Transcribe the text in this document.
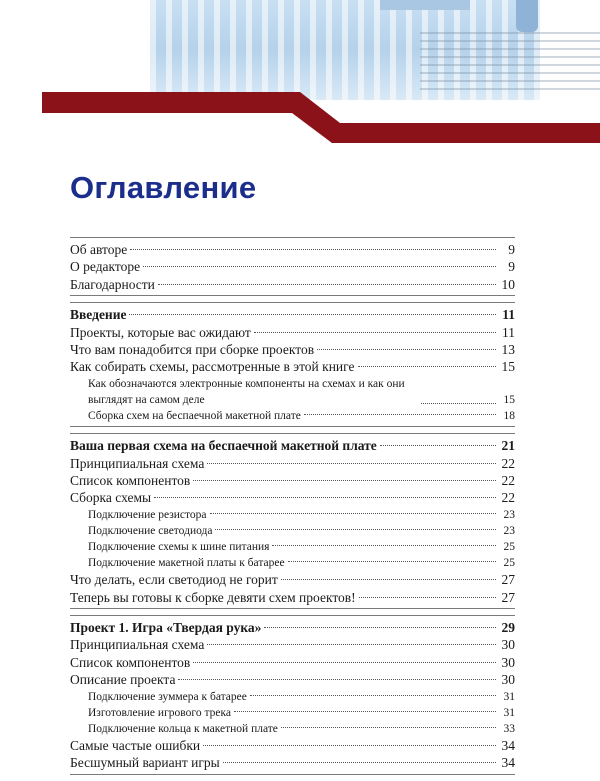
Оглавление
Об авторе	9
О редакторе	9
Благодарности	10
Введение	11
Проекты, которые вас ожидают	11
Что вам понадобится при сборке проектов	13
Как собирать схемы, рассмотренные в этой книге	15
Как обозначаются электронные компоненты на схемах и как они выглядят на самом деле	15
Сборка схем на беспаечной макетной плате	18
Ваша первая схема на беспаечной макетной плате	21
Принципиальная схема	22
Список компонентов	22
Сборка схемы	22
Подключение резистора	23
Подключение светодиода	23
Подключение схемы к шине питания	25
Подключение макетной платы к батарее	25
Что делать, если светодиод не горит	27
Теперь вы готовы к сборке девяти схем проектов!	27
Проект 1. Игра «Твердая рука»	29
Принципиальная схема	30
Список компонентов	30
Описание проекта	30
Подключение зуммера к батарее	31
Изготовление игрового трека	31
Подключение кольца к макетной плате	33
Самые частые ошибки	34
Бесшумный вариант игры	34
